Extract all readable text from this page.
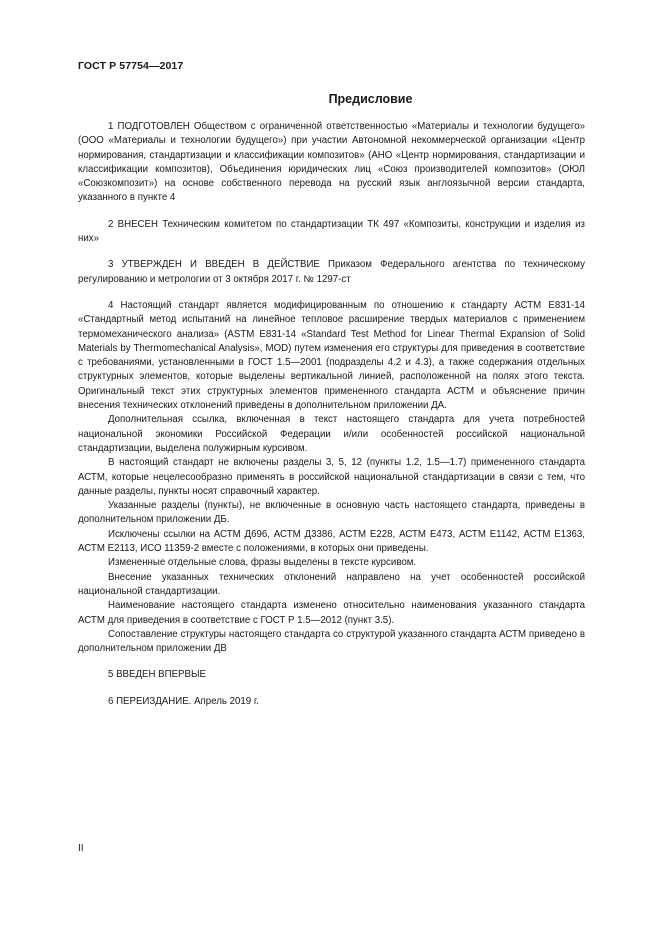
ГОСТ Р 57754—2017
Предисловие

1 ПОДГОТОВЛЕН Обществом с ограниченной ответственностью «Материалы и технологии будущего» (ООО «Материалы и технологии будущего») при участии Автономной некоммерческой организации «Центр нормирования, стандартизации и классификации композитов» (АНО «Центр нормирования, стандартизации и классификации композитов), Объединения юридических лиц «Союз производителей композитов» (ОЮЛ «Союзкомпозит») на основе собственного перевода на русский язык англоязычной версии стандарта, указанного в пункте 4

2 ВНЕСЕН Техническим комитетом по стандартизации ТК 497 «Композиты, конструкции и изделия из них»

3 УТВЕРЖДЕН И ВВЕДЕН В ДЕЙСТВИЕ Приказом Федерального агентства по техническому регулированию и метрологии от 3 октября 2017 г. № 1297-ст

4 Настоящий стандарт является модифицированным по отношению к стандарту АСТМ Е831-14 «Стандартный метод испытаний на линейное тепловое расширение твердых материалов с применением термомеханического анализа» (ASTM E831-14 «Standard Test Method for Linear Thermal Expansion of Solid Materials by Thermomechanical Analysis», MOD) путем изменения его структуры для приведения в соответствие с требованиями, установленными в ГОСТ 1.5—2001 (подразделы 4.2 и 4.3), а также содержания отдельных структурных элементов, которые выделены вертикальной линией, расположенной на полях этого текста. Оригинальный текст этих структурных элементов примененного стандарта АСТМ и объяснение причин внесения технических отклонений приведены в дополнительном приложении ДА.

Дополнительная ссылка, включенная в текст настоящего стандарта для учета потребностей национальной экономики Российской Федерации и/или особенностей российской национальной стандартизации, выделена полужирным курсивом.

В настоящий стандарт не включены разделы 3, 5, 12 (пункты 1.2, 1.5—1.7) примененного стандарта АСТМ, которые нецелесообразно применять в российской национальной стандартизации в связи с тем, что данные разделы, пункты носят справочный характер.

Указанные разделы (пункты), не включенные в основную часть настоящего стандарта, приведены в дополнительном приложении ДБ.

Исключены ссылки на АСТМ Д696, АСТМ Д3386, АСТМ Е228, АСТМ Е473, АСТМ Е1142, АСТМ Е1363, АСТМ Е2113, ИСО 11359-2 вместе с положениями, в которых они приведены.

Измененные отдельные слова, фразы выделены в тексте курсивом.

Внесение указанных технических отклонений направлено на учет особенностей российской национальной стандартизации.

Наименование настоящего стандарта изменено относительно наименования указанного стандарта АСТМ для приведения в соответствие с ГОСТ Р 1.5—2012 (пункт 3.5).

Сопоставление структуры настоящего стандарта со структурой указанного стандарта АСТМ приведено в дополнительном приложении ДВ

5 ВВЕДЕН ВПЕРВЫЕ

6 ПЕРЕИЗДАНИЕ. Апрель 2019 г.

II
